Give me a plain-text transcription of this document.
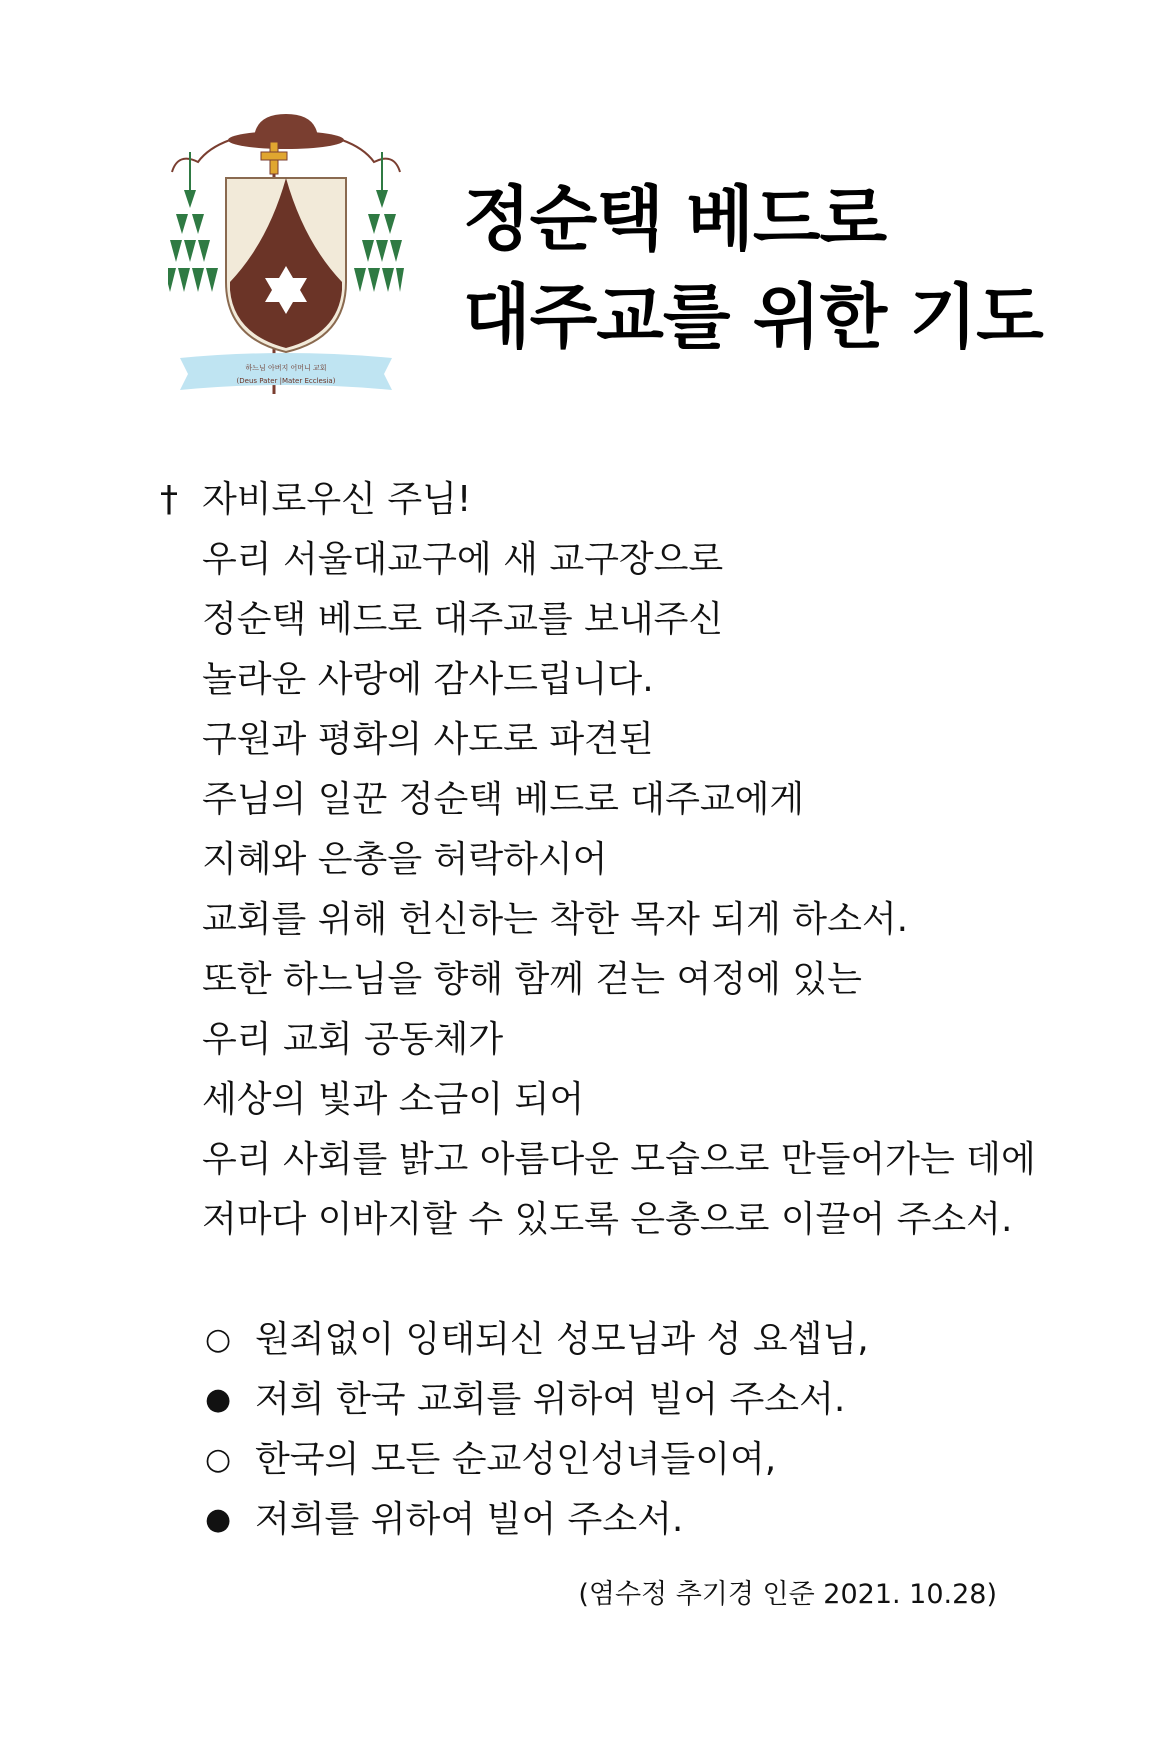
하느님 아버지 어머니 교회
(Deus Pater |Mater Ecclesia)
정순택 베드로
대주교를 위한 기도
† 자비로우신 주님!
우리 서울대교구에 새 교구장으로
정순택 베드로 대주교를 보내주신
놀라운 사랑에 감사드립니다.
구원과 평화의 사도로 파견된
주님의 일꾼 정순택 베드로 대주교에게
지혜와 은총을 허락하시어
교회를 위해 헌신하는 착한 목자 되게 하소서.
또한 하느님을 향해 함께 걷는 여정에 있는
우리 교회 공동체가
세상의 빛과 소금이 되어
우리 사회를 밝고 아름다운 모습으로 만들어가는 데에
저마다 이바지할 수 있도록 은총으로 이끌어 주소서.
○ 원죄없이 잉태되신 성모님과 성 요셉님,
● 저희 한국 교회를 위하여 빌어 주소서.
○ 한국의 모든 순교성인성녀들이여,
● 저희를 위하여 빌어 주소서.
(염수정 추기경 인준 2021. 10.28)
